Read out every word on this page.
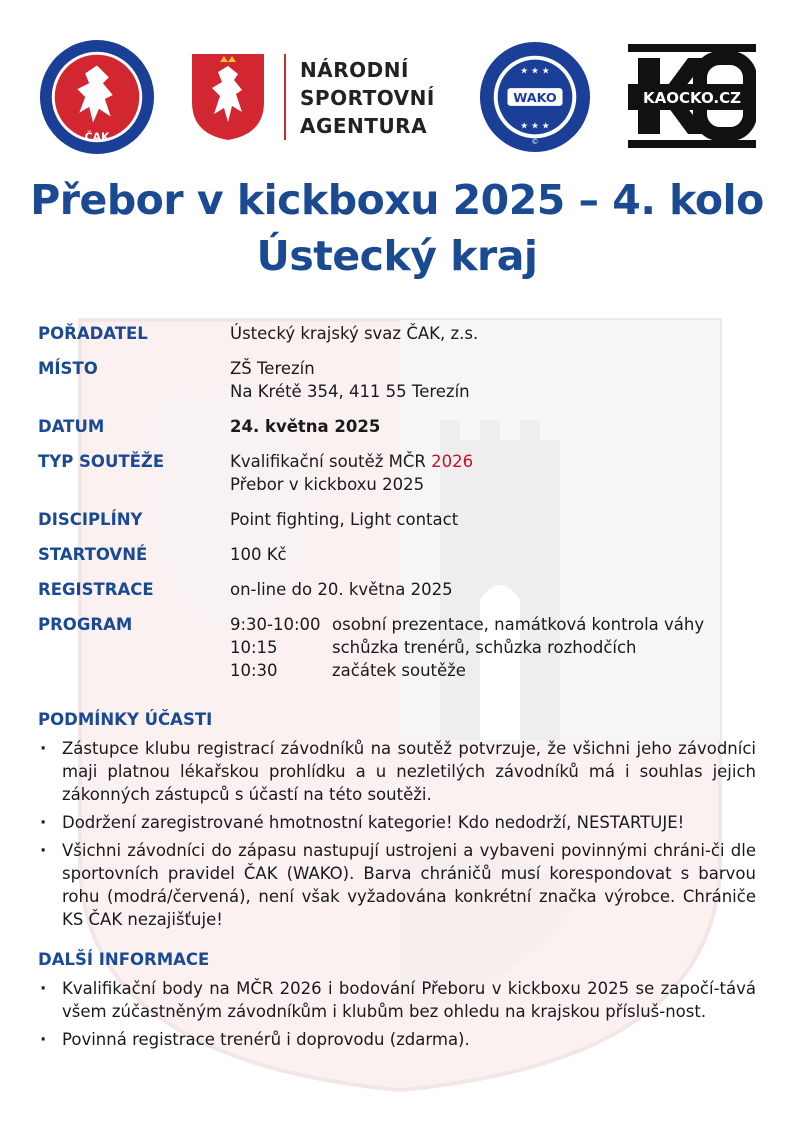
ČAK
NÁRODNÍ
SPORTOVNÍ
AGENTURA
★ ★ ★
★ ★ ★
WAKO
©
KAOCKO.CZ
Přebor v kickboxu 2025 – 4. kolo
Ústecký kraj
POŘADATEL	Ústecký krajský svaz ČAK, z.s.
MÍSTO	ZŠ Terezín
Na Krétě 354, 411 55 Terezín
DATUM	24. května 2025
TYP SOUTĚŽE	Kvalifikační soutěž MČR 2026
Přebor v kickboxu 2025
DISCIPLÍNY	Point fighting, Light contact
STARTOVNÉ	100 Kč
REGISTRACE	on-line do 20. května 2025
PROGRAM	9:30-10:00 osobní prezentace, namátková kontrola váhy
10:15	schůzka trenérů, schůzka rozhodčích
10:30	začátek soutěže
PODMÍNKY ÚČASTI
· Zástupce klubu registrací závodníků na soutěž potvrzuje, že všichni jeho závodníci maji platnou lékařskou prohlídku a u nezletilých závodníků má i souhlas jejich zákonných zástupců s účastí na této soutěži.
· Dodržení zaregistrované hmotnostní kategorie! Kdo nedodrží, NESTARTUJE!
· Všichni závodníci do zápasu nastupují ustrojeni a vybaveni povinnými chráni-či dle sportovních pravidel ČAK (WAKO). Barva chráničů musí korespondovat s barvou rohu (modrá/červená), není však vyžadována konkrétní značka výrobce. Chrániče KS ČAK nezajišťuje!
DALŠÍ INFORMACE
· Kvalifikační body na MČR 2026 i bodování Přeboru v kickboxu 2025 se započí-tává všem zúčastněným závodníkům i klubům bez ohledu na krajskou přísluš-nost.
· Povinná registrace trenérů i doprovodu (zdarma).
